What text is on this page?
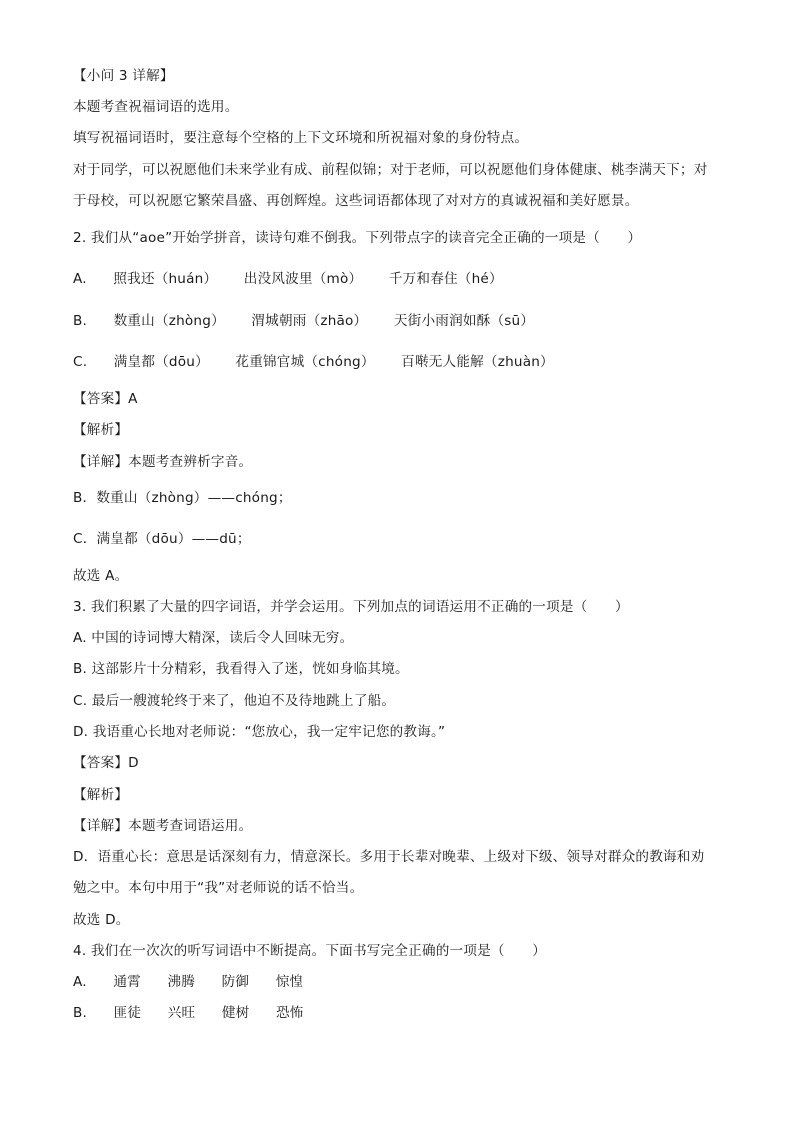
【小问 3 详解】
本题考查祝福词语的选用。
填写祝福词语时，要注意每个空格的上下文环境和所祝福对象的身份特点。
对于同学，可以祝愿他们未来学业有成、前程似锦；对于老师，可以祝愿他们身体健康、桃李满天下；对
于母校，可以祝愿它繁荣昌盛、再创辉煌。这些词语都体现了对对方的真诚祝福和美好愿景。
2. 我们从“aoe”开始学拼音，读诗句难不倒我。下列带点字的读音完全正确的一项是（　　）
A. 照我还（huán） 出没风波里（mò） 千万和春住（hé）
B. 数重山（zhòng） 渭城朝雨（zhāo） 天街小雨润如酥（sū）
C. 满皇都（dōu） 花重锦官城（chóng） 百啭无人能解（zhuàn）
【答案】A
【解析】
【详解】本题考查辨析字音。
B．数重山（zhòng）——chóng；
C．满皇都（dōu）——dū；
故选 A。
3. 我们积累了大量的四字词语，并学会运用。下列加点的词语运用不正确的一项是（　　）
A. 中国的诗词博大精深，读后令人回味无穷。
B. 这部影片十分精彩，我看得入了迷，恍如身临其境。
C. 最后一艘渡轮终于来了，他迫不及待地跳上了船。
D. 我语重心长地对老师说：“您放心，我一定牢记您的教诲。”
【答案】D
【解析】
【详解】本题考查词语运用。
D．语重心长：意思是话深刻有力，情意深长。多用于长辈对晚辈、上级对下级、领导对群众的教诲和劝
勉之中。本句中用于“我”对老师说的话不恰当。
故选 D。
4. 我们在一次次的听写词语中不断提高。下面书写完全正确的一项是（　　）
A. 通霄 沸腾 防御 惊惶
B. 匪徒 兴旺 健树 恐怖
